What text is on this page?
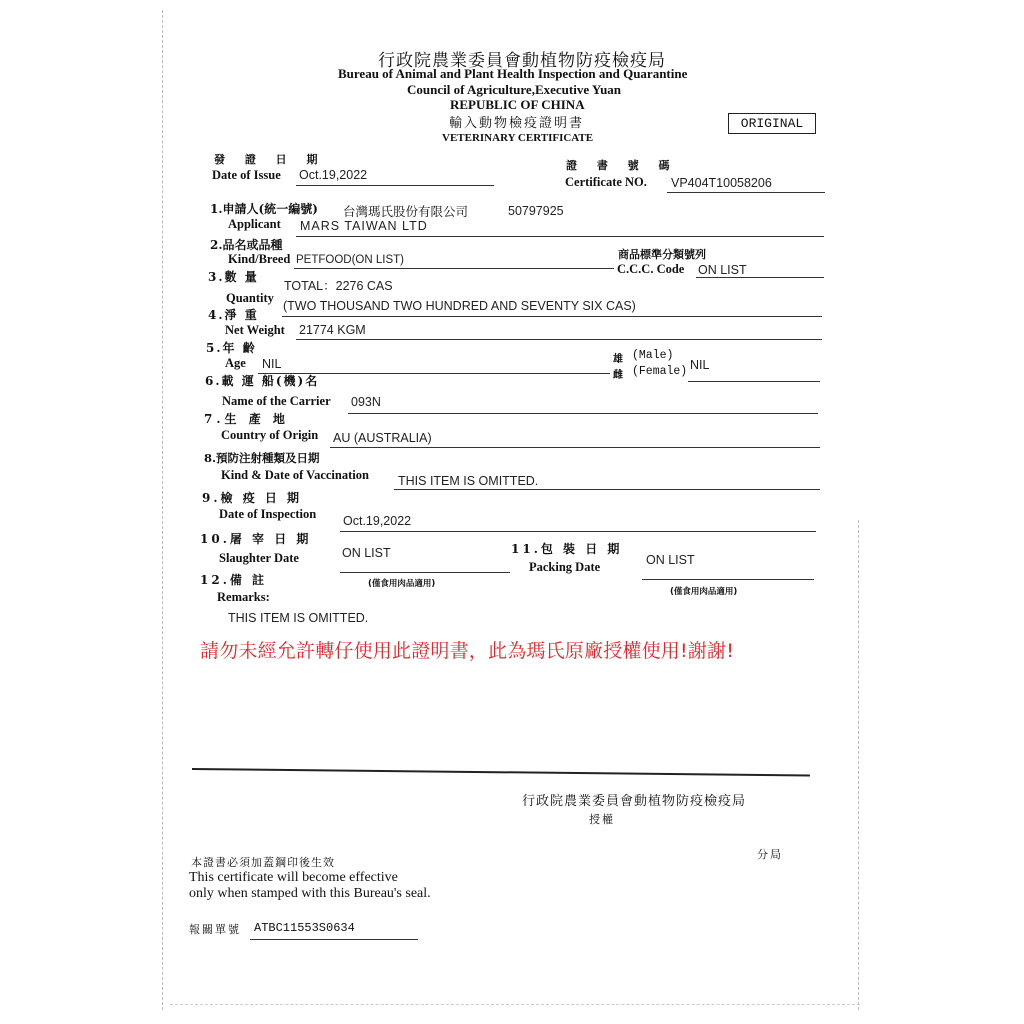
行政院農業委員會動植物防疫檢疫局
Bureau of Animal and Plant Health Inspection and Quarantine
Council of Agriculture,Executive Yuan
REPUBLIC OF CHINA
輸入動物檢疫證明書
VETERINARY CERTIFICATE
ORIGINAL
發 證 日 期
Date of Issue Oct.19,2022
證 書 號 碼
Certificate NO. VP404T10058206
1.申請人(統一編號) 台灣瑪氏股份有限公司	50797925
Applicant MARS TAIWAN LTD
2.品名或品種
Kind/Breed PETFOOD(ON LIST)	商品標準分類號列
C.C.C. Code ON LIST
3.數 量
TOTAL：2276 CAS
Quantity
(TWO THOUSAND TWO HUNDRED AND SEVENTY SIX CAS)
4.淨 重
Net Weight 21774 KGM
5.年 齡
Age NIL	雄 (Male)
雌 (Female) NIL
6.載 運 船(機)名
Name of the Carrier 093N
7.生 產 地
Country of Origin AU (AUSTRALIA)
8.預防注射種類及日期
Kind & Date of Vaccination THIS ITEM IS OMITTED.
9.檢 疫 日 期
Date of Inspection Oct.19,2022
10.屠 宰 日 期
Slaughter Date	ON LIST
(僅食用肉品適用)
11.包 裝 日 期
Packing Date	ON LIST
(僅食用肉品適用)
12.備 註
Remarks:
THIS ITEM IS OMITTED.
請勿未經允許轉仔使用此證明書，此為瑪氏原廠授權使用!謝謝!
行政院農業委員會動植物防疫檢疫局
授權
分局
本證書必須加蓋鋼印後生效
This certificate will become effective
only when stamped with this Bureau's seal.
報關單號 ATBC11553S0634
